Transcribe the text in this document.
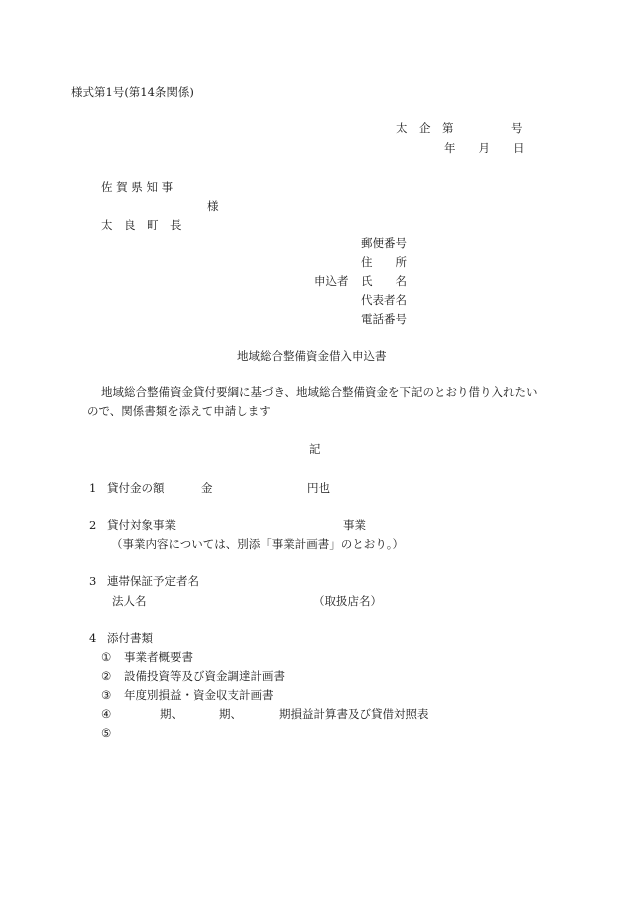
様式第1号(第14条関係)
太　企　第　　　　　号
年　　月　　日
佐 賀 県 知 事
様
太　良　町　長
郵便番号
住　　所
申込者 氏　　名
代表者名
電話番号
地域総合整備資金借入申込書
地域総合整備資金貸付要綱に基づき、地域総合整備資金を下記のとおり借り入れたい
ので、関係書類を添えて申請します
記
1 貸付金の額	金	円也
2 貸付対象事業	事業
（事業内容については、別添「事業計画書」のとおり。）
3 連帯保証予定者名
法人名	（取扱店名）
4 添付書類
① 事業者概要書
② 設備投資等及び資金調達計画書
③ 年度別損益・資金収支計画書
④	期、	期、	期損益計算書及び貸借対照表
⑤
